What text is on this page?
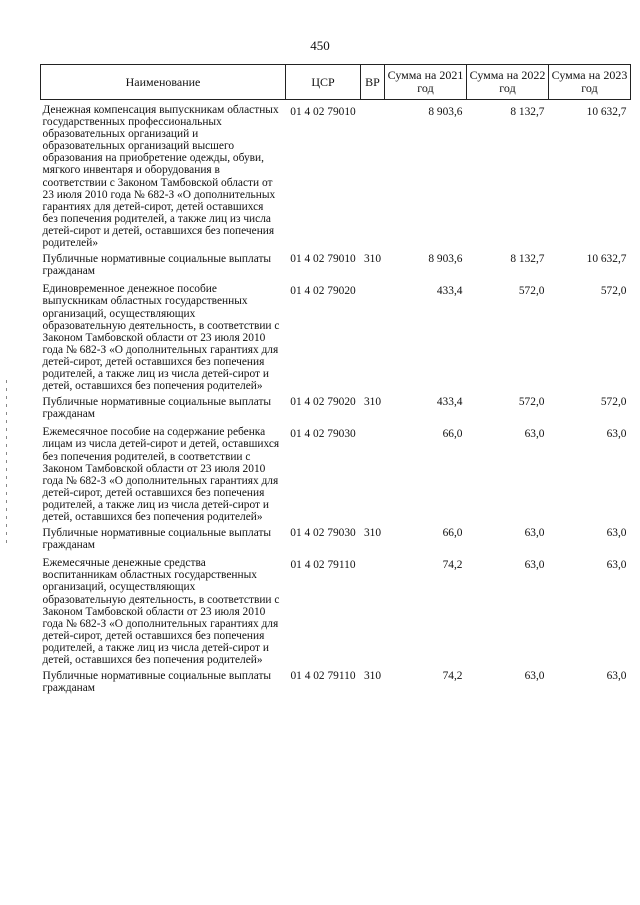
450
Наименование	ЦСР	ВР	Сумма на 2021 год	Сумма на 2022 год	Сумма на 2023 год
Денежная компенсация выпускникам областных государственных профессиональных образовательных организаций и образовательных организаций высшего образования на приобретение одежды, обуви, мягкого инвентаря и оборудования в соответствии с Законом Тамбовской области от 23 июля 2010 года № 682-З «О дополнительных гарантиях для детей-сирот, детей оставшихся без попечения родителей, а также лиц из числа детей-сирот и детей, оставшихся без попечения родителей»	01 4 02 79010		8 903,6	8 132,7	10 632,7
Публичные нормативные социальные выплаты гражданам	01 4 02 79010	310	8 903,6	8 132,7	10 632,7
Единовременное денежное пособие выпускникам областных государственных организаций, осуществляющих образовательную деятельность, в соответствии с Законом Тамбовской области от 23 июля 2010 года № 682-З «О дополнительных гарантиях для детей-сирот, детей оставшихся без попечения родителей, а также лиц из числа детей-сирот и детей, оставшихся без попечения родителей»	01 4 02 79020		433,4	572,0	572,0
Публичные нормативные социальные выплаты гражданам	01 4 02 79020	310	433,4	572,0	572,0
Ежемесячное пособие на содержание ребенка лицам из числа детей-сирот и детей, оставшихся без попечения родителей, в соответствии с Законом Тамбовской области от 23 июля 2010 года № 682-З «О дополнительных гарантиях для детей-сирот, детей оставшихся без попечения родителей, а также лиц из числа детей-сирот и детей, оставшихся без попечения родителей»	01 4 02 79030		66,0	63,0	63,0
Публичные нормативные социальные выплаты гражданам	01 4 02 79030	310	66,0	63,0	63,0
Ежемесячные денежные средства воспитанникам областных государственных организаций, осуществляющих образовательную деятельность, в соответствии с Законом Тамбовской области от 23 июля 2010 года № 682-З «О дополнительных гарантиях для детей-сирот, детей оставшихся без попечения родителей, а также лиц из числа детей-сирот и детей, оставшихся без попечения родителей»	01 4 02 79110		74,2	63,0	63,0
Публичные нормативные социальные выплаты гражданам	01 4 02 79110	310	74,2	63,0	63,0
